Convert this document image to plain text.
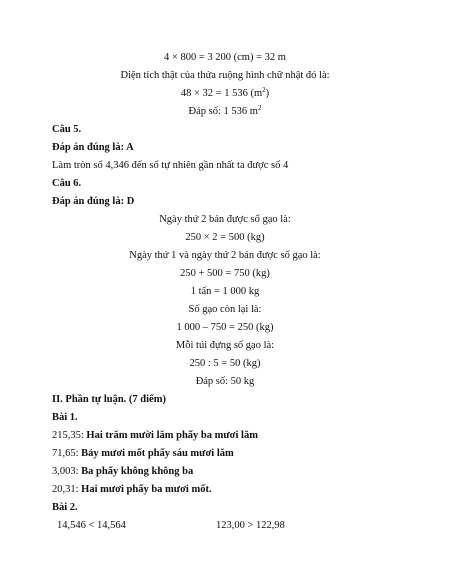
4 × 800 = 3 200 (cm) = 32 m
Diện tích thật của thửa ruộng hình chữ nhật đó là:
48 × 32 = 1 536 $(m^2)$
Đáp số: 1 536 $m^2$
Câu 5.
Đáp án đúng là: A
Làm tròn số 4,346 đến số tự nhiên gần nhất ta được số 4
Câu 6.
Đáp án đúng là: D
Ngày thứ 2 bán được số gạo là:
250 × 2 = 500 (kg)
Ngày thứ 1 và ngày thứ 2 bán được số gạo là:
250 + 500 = 750 (kg)
1 tấn = 1 000 kg
Số gạo còn lại là:
1 000 – 750 = 250 (kg)
Mỗi túi đựng số gạo là:
250 : 5 = 50 (kg)
Đáp số: 50 kg
II. Phần tự luận. (7 điểm)
Bài 1.
215,35: Hai trăm mười lăm phẩy ba mươi lăm
71,65: Bảy mươi mốt phẩy sáu mươi lăm
3,003: Ba phẩy không không ba
20,31: Hai mươi phẩy ba mươi mốt.
Bài 2.
14,546 < 14,564	123,00 > 122,98
